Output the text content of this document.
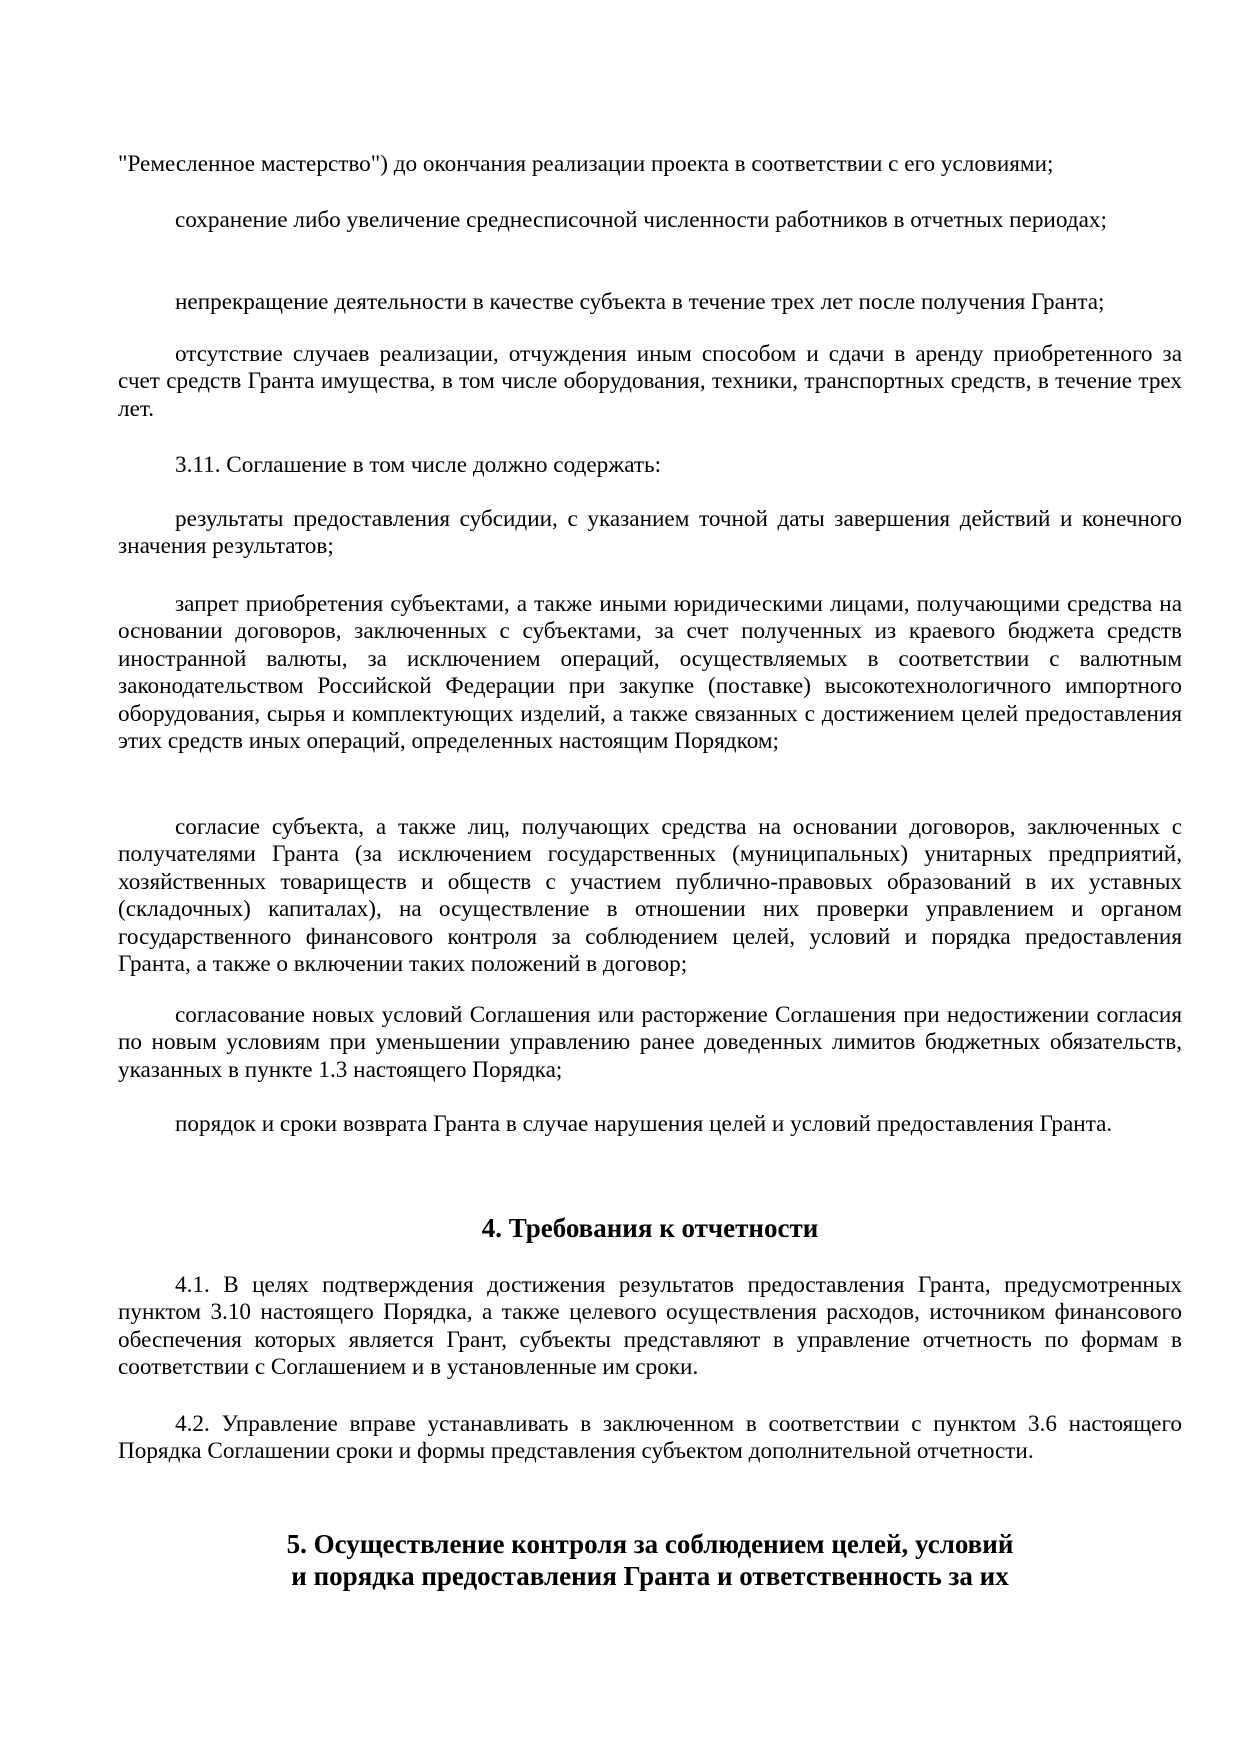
"Ремесленное мастерство") до окончания реализации проекта в соответствии с его условиями;

сохранение либо увеличение среднесписочной численности работников в отчетных периодах;

непрекращение деятельности в качестве субъекта в течение трех лет после получения Гранта;

отсутствие случаев реализации, отчуждения иным способом и сдачи в аренду приобретенного за счет средств Гранта имущества, в том числе оборудования, техники, транспортных средств, в течение трех лет.

3.11. Соглашение в том числе должно содержать:

результаты предоставления субсидии, с указанием точной даты завершения действий и конечного значения результатов;

запрет приобретения субъектами, а также иными юридическими лицами, получающими средства на основании договоров, заключенных с субъектами, за счет полученных из краевого бюджета средств иностранной валюты, за исключением операций, осуществляемых в соответствии с валютным законодательством Российской Федерации при закупке (поставке) высокотехнологичного импортного оборудования, сырья и комплектующих изделий, а также связанных с достижением целей предоставления этих средств иных операций, определенных настоящим Порядком;

согласие субъекта, а также лиц, получающих средства на основании договоров, заключенных с получателями Гранта (за исключением государственных (муниципальных) унитарных предприятий, хозяйственных товариществ и обществ с участием публично-правовых образований в их уставных (складочных) капиталах), на осуществление в отношении них проверки управлением и органом государственного финансового контроля за соблюдением целей, условий и порядка предоставления Гранта, а также о включении таких положений в договор;

согласование новых условий Соглашения или расторжение Соглашения при недостижении согласия по новым условиям при уменьшении управлению ранее доведенных лимитов бюджетных обязательств, указанных в пункте 1.3 настоящего Порядка;

порядок и сроки возврата Гранта в случае нарушения целей и условий предоставления Гранта.

4. Требования к отчетности

4.1. В целях подтверждения достижения результатов предоставления Гранта, предусмотренных пунктом 3.10 настоящего Порядка, а также целевого осуществления расходов, источником финансового обеспечения которых является Грант, субъекты представляют в управление отчетность по формам в соответствии с Соглашением и в установленные им сроки.

4.2. Управление вправе устанавливать в заключенном в соответствии с пунктом 3.6 настоящего Порядка Соглашении сроки и формы представления субъектом дополнительной отчетности.

5. Осуществление контроля за соблюдением целей, условий
и порядка предоставления Гранта и ответственность за их
